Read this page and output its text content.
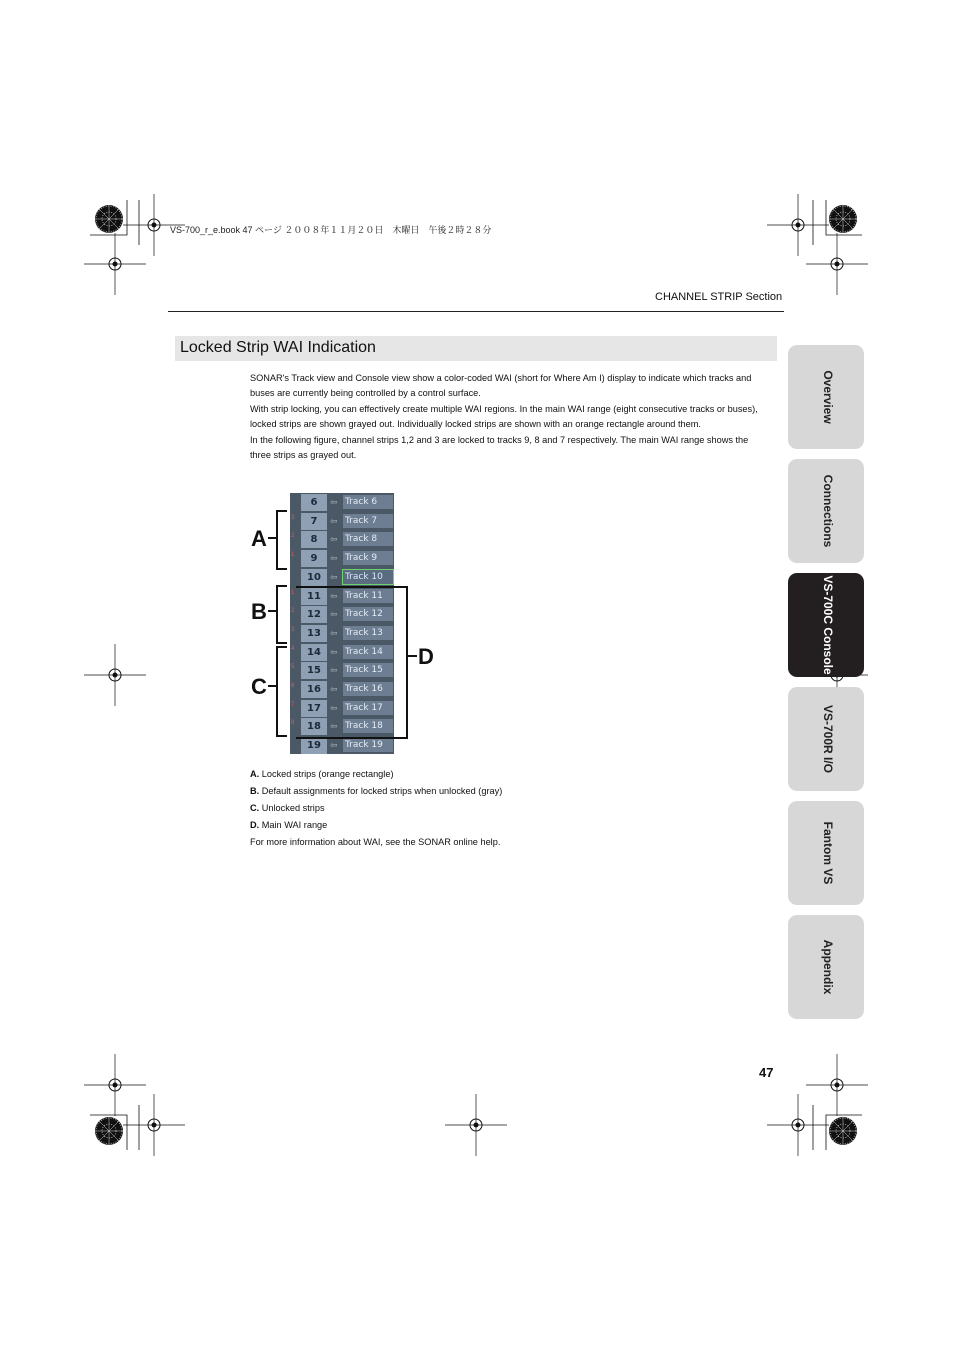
VS-700_r_e.book 47 ページ ２００８年１１月２０日　木曜日　午後２時２８分
CHANNEL STRIP Section
Locked Strip WAI Indication

SONAR's Track view and Console view show a color-coded WAI (short for Where Am I) display to indicate which tracks and buses are currently being controlled by a control surface.

With strip locking, you can effectively create multiple WAI regions. In the main WAI range (eight consecutive tracks or buses), locked strips are shown grayed out. Individually locked strips are shown with an orange rectangle around them.

In the following figure, channel strips 1,2 and 3 are locked to tracks 9, 8 and 7 respectively. The main WAI range shows the three strips as grayed out.

6	⇦ Track 6
3	7	⇦ Track 7
2	8	⇦ Track 8
1	9	⇦ Track 9
10	⇦ Track 10
1	11	⇦ Track 11
2	12	⇦ Track 12
3	13	⇦ Track 13
4	14	⇦ Track 14
5	15	⇦ Track 15
6	16	⇦ Track 16
7	17	⇦ Track 17
8	18	⇦ Track 18
19	⇦ Track 19
A
B
C
D
A. Locked strips (orange rectangle)
B. Default assignments for locked strips when unlocked (gray)
C. Unlocked strips
D. Main WAI range
For more information about WAI, see the SONAR online help.
Overview
Connections
VS-700C Console
VS-700R I/O
Fantom VS
Appendix
47
